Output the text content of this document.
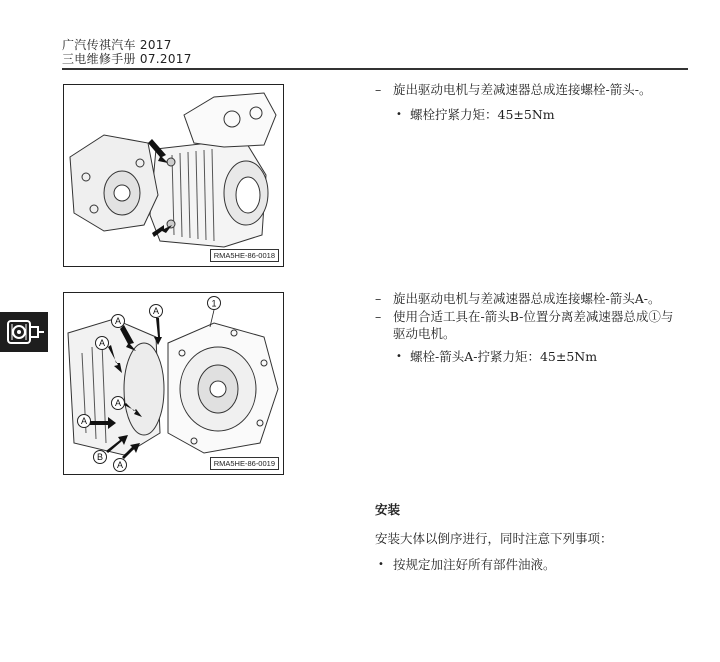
广汽传祺汽车 2017
三电维修手册 07.2017
RMA5HE-86-0018
1
A
A
A
A
A
B
A	RMA5HE-86-0019
– 旋出驱动电机与差减速器总成连接螺栓-箭头-。
• 螺栓拧紧力矩：45±5Nm
– 旋出驱动电机与差减速器总成连接螺栓-箭头A-。
– 使用合适工具在-箭头B-位置分离差减速器总成①与
驱动电机。
• 螺栓-箭头A-拧紧力矩：45±5Nm
安装
安装大体以倒序进行，同时注意下列事项：
• 按规定加注好所有部件油液。
